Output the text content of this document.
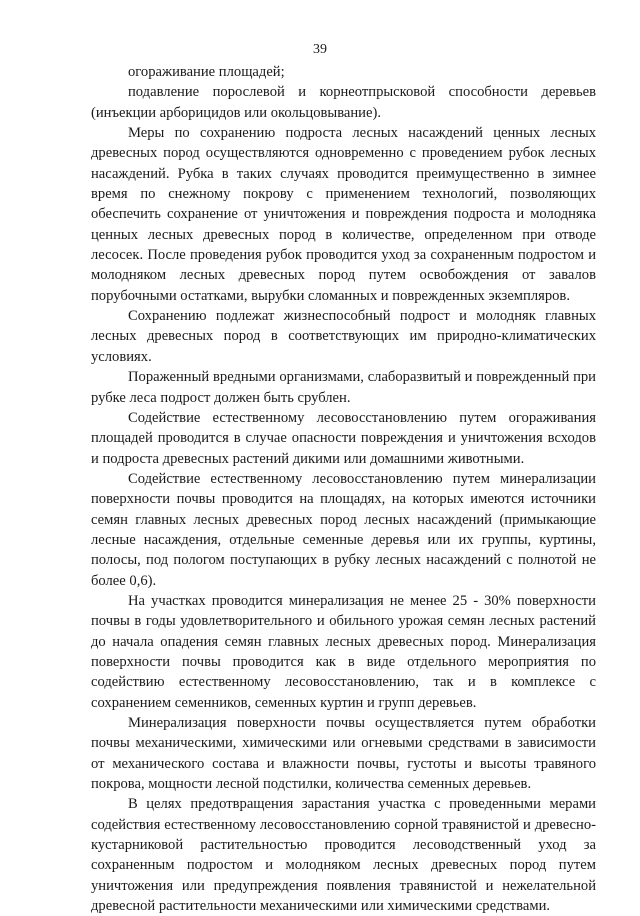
39

огораживание площадей;

подавление порослевой и корнеотпрысковой способности деревьев (инъекции арборицидов или окольцовывание).

Меры по сохранению подроста лесных насаждений ценных лесных древесных пород осуществляются одновременно с проведением рубок лесных насаждений. Рубка в таких случаях проводится преимущественно в зимнее время по снежному покрову с применением технологий, позволяющих обеспечить сохранение от уничтожения и повреждения подроста и молодняка ценных лесных древесных пород в количестве, определенном при отводе лесосек. После проведения рубок проводится уход за сохраненным подростом и молодняком лесных древесных пород путем освобождения от завалов порубочными остатками, вырубки сломанных и поврежденных экземпляров.

Сохранению подлежат жизнеспособный подрост и молодняк главных лесных древесных пород в соответствующих им природно-климатических условиях.

Пораженный вредными организмами, слаборазвитый и поврежденный при рубке леса подрост должен быть срублен.

Содействие естественному лесовосстановлению путем огораживания площадей проводится в случае опасности повреждения и уничтожения всходов и подроста древесных растений дикими или домашними животными.

Содействие естественному лесовосстановлению путем минерализации поверхности почвы проводится на площадях, на которых имеются источники семян главных лесных древесных пород лесных насаждений (примыкающие лесные насаждения, отдельные семенные деревья или их группы, куртины, полосы, под пологом поступающих в рубку лесных насаждений с полнотой не более 0,6).

На участках проводится минерализация не менее 25 - 30% поверхности почвы в годы удовлетворительного и обильного урожая семян лесных растений до начала опадения семян главных лесных древесных пород. Минерализация поверхности почвы проводится как в виде отдельного мероприятия по содействию естественному лесовосстановлению, так и в комплексе с сохранением семенников, семенных куртин и групп деревьев.

Минерализация поверхности почвы осуществляется путем обработки почвы механическими, химическими или огневыми средствами в зависимости от механического состава и влажности почвы, густоты и высоты травяного покрова, мощности лесной подстилки, количества семенных деревьев.

В целях предотвращения зарастания участка с проведенными мерами содействия естественному лесовосстановлению сорной травянистой и древесно-кустарниковой растительностью проводится лесоводственный уход за сохраненным подростом и молодняком лесных древесных пород путем уничтожения или предупреждения появления травянистой и нежелательной древесной растительности механическими или химическими средствами.
